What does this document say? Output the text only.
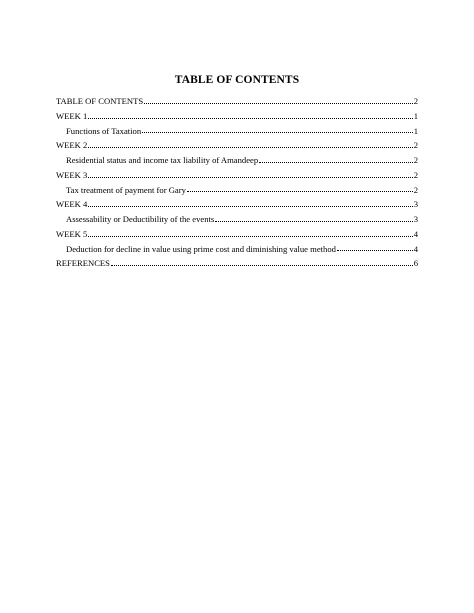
TABLE OF CONTENTS
TABLE OF CONTENTS	2
WEEK 1	1
Functions of Taxation	1
WEEK 2	2
Residential status and income tax liability of Amandeep	2
WEEK 3	2
Tax treatment of payment for Gary	2
WEEK 4	3
Assessability or Deductibility of the events	3
WEEK 5	4
Deduction for decline in value using prime cost and diminishing value method	4
REFERENCES	6
